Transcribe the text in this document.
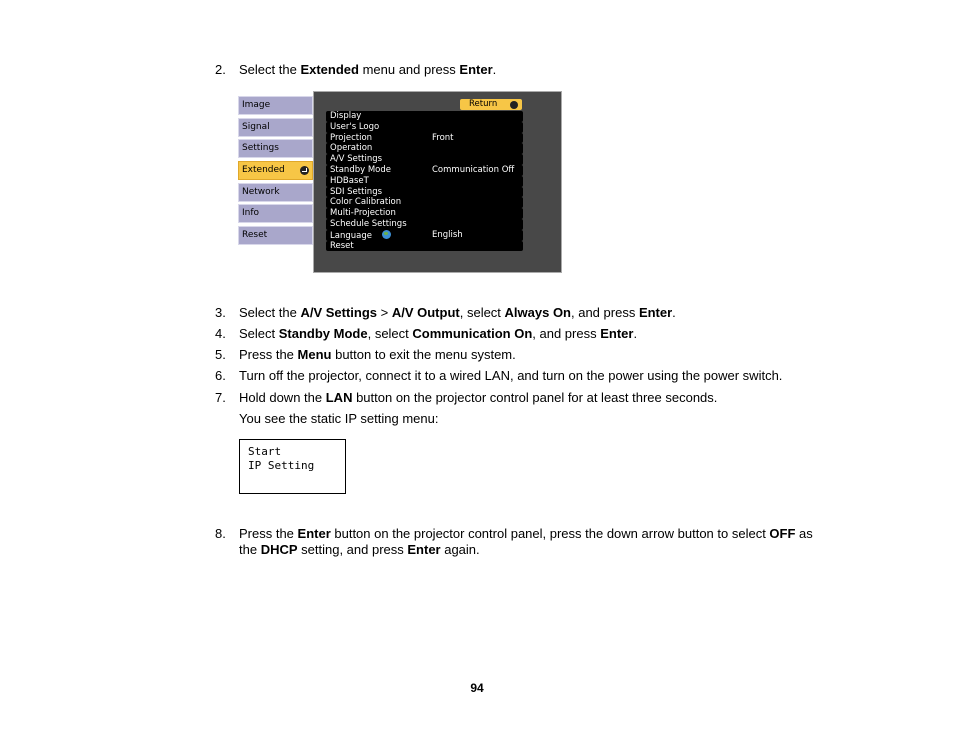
2. Select the Extended menu and press Enter.
Image
Signal
Settings
Extended
Network
Info
Reset
Return
Display
User's Logo
Projection	Front
Operation
A/V Settings
Standby Mode	Communication Off
HDBaseT
SDI Settings
Color Calibration
Multi-Projection
Schedule Settings
Language	English
Reset
3. Select the A/V Settings > A/V Output, select Always On, and press Enter.
4. Select Standby Mode, select Communication On, and press Enter.
5. Press the Menu button to exit the menu system.
6. Turn off the projector, connect it to a wired LAN, and turn on the power using the power switch.
7. Hold down the LAN button on the projector control panel for at least three seconds.
You see the static IP setting menu:
Start
IP Setting
8. Press the Enter button on the projector control panel, press the down arrow button to select OFF as the DHCP setting, and press Enter again.
94
